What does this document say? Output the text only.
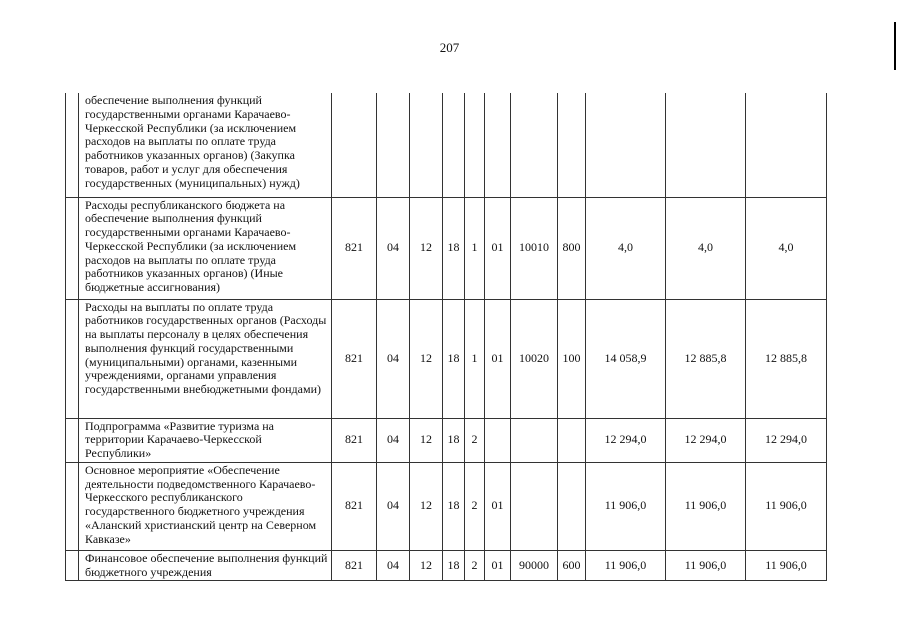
207
	обеспечение выполнения функций государственными органами Карачаево-Черкесской Республики (за исключением расходов на выплаты по оплате труда работников указанных органов) (Закупка товаров, работ и услуг для обеспечения государственных (муниципальных) нужд)											
	Расходы республиканского бюджета на обеспечение выполнения функций государственными органами Карачаево-Черкесской Республики (за исключением расходов на выплаты по оплате труда работников указанных органов) (Иные бюджетные ассигнования)	821	04	12	18	1	01	10010	800	4,0	4,0	4,0
	Расходы на выплаты по оплате труда работников государственных органов (Расходы на выплаты персоналу в целях обеспечения выполнения функций государственными (муниципальными) органами, казенными учреждениями, органами управления государственными внебюджетными фондами)	821	04	12	18	1	01	10020	100	14 058,9	12 885,8	12 885,8
	Подпрограмма «Развитие туризма на территории Карачаево-Черкесской Республики»	821	04	12	18	2				12 294,0	12 294,0	12 294,0
	Основное мероприятие «Обеспечение деятельности подведомственного Карачаево-Черкесского республиканского государственного бюджетного учреждения «Аланский христианский центр на Северном Кавказе»	821	04	12	18	2	01			11 906,0	11 906,0	11 906,0
	Финансовое обеспечение выполнения функций бюджетного учреждения	821	04	12	18	2	01	90000	600	11 906,0	11 906,0	11 906,0
